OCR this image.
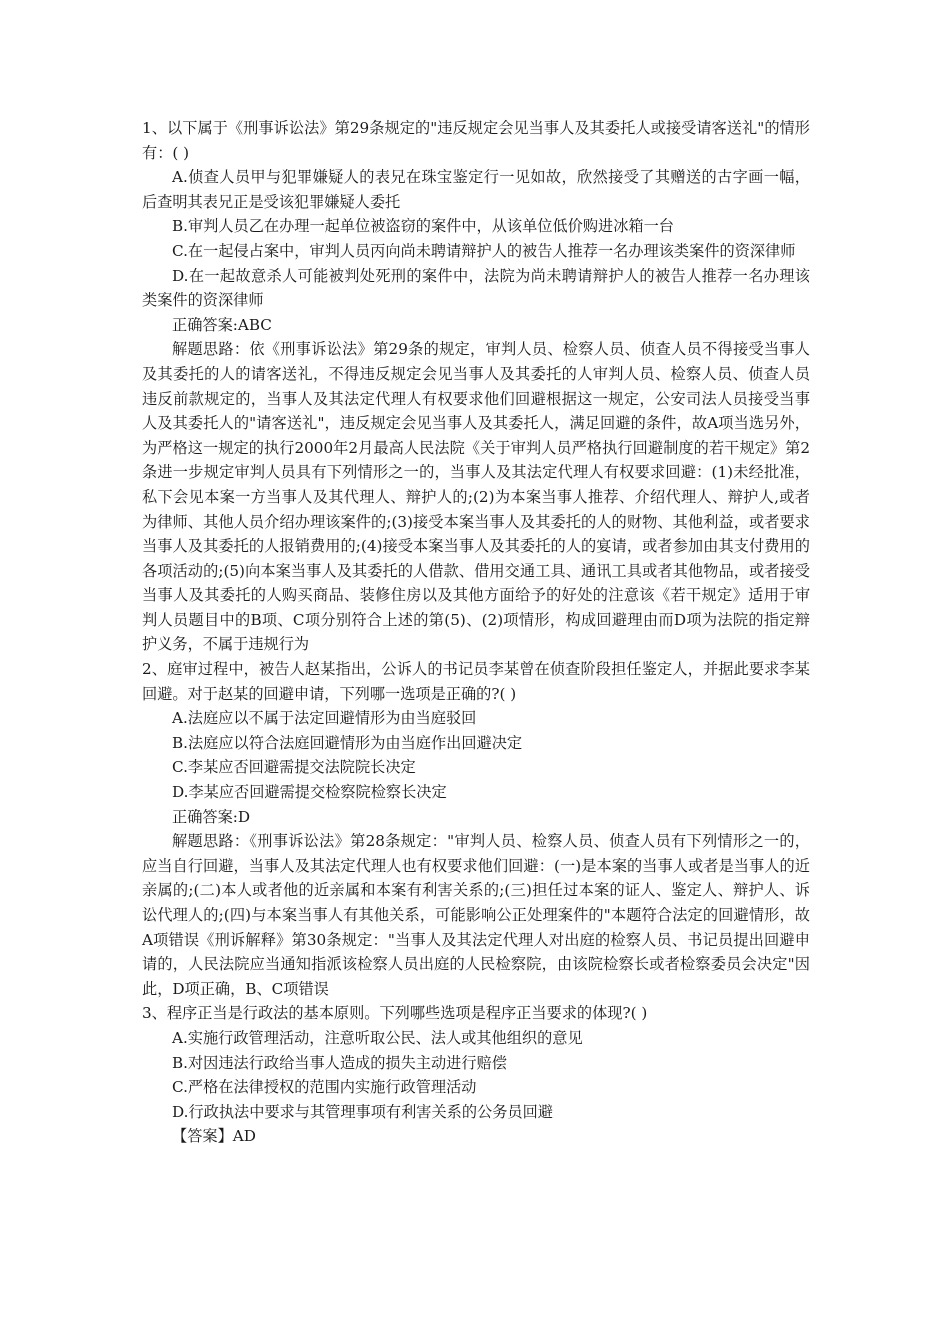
1、以下属于《刑事诉讼法》第29条规定的"违反规定会见当事人及其委托人或接受请客送礼"的情形有：( )

A.侦查人员甲与犯罪嫌疑人的表兄在珠宝鉴定行一见如故，欣然接受了其赠送的古字画一幅，后查明其表兄正是受该犯罪嫌疑人委托

B.审判人员乙在办理一起单位被盗窃的案件中，从该单位低价购进冰箱一台

C.在一起侵占案中，审判人员丙向尚未聘请辩护人的被告人推荐一名办理该类案件的资深律师

D.在一起故意杀人可能被判处死刑的案件中，法院为尚未聘请辩护人的被告人推荐一名办理该类案件的资深律师

正确答案:ABC

解题思路：依《刑事诉讼法》第29条的规定，审判人员、检察人员、侦查人员不得接受当事人及其委托的人的请客送礼，不得违反规定会见当事人及其委托的人审判人员、检察人员、侦查人员违反前款规定的，当事人及其法定代理人有权要求他们回避根据这一规定，公安司法人员接受当事人及其委托人的"请客送礼"，违反规定会见当事人及其委托人，满足回避的条件，故A项当选另外，为严格这一规定的执行2000年2月最高人民法院《关于审判人员严格执行回避制度的若干规定》第2条进一步规定审判人员具有下列情形之一的，当事人及其法定代理人有权要求回避：(1)未经批准，私下会见本案一方当事人及其代理人、辩护人的;(2)为本案当事人推荐、介绍代理人、辩护人,或者为律师、其他人员介绍办理该案件的;(3)接受本案当事人及其委托的人的财物、其他利益，或者要求当事人及其委托的人报销费用的;(4)接受本案当事人及其委托的人的宴请，或者参加由其支付费用的各项活动的;(5)向本案当事人及其委托的人借款、借用交通工具、通讯工具或者其他物品，或者接受当事人及其委托的人购买商品、装修住房以及其他方面给予的好处的注意该《若干规定》适用于审判人员题目中的B项、C项分别符合上述的第(5)、(2)项情形，构成回避理由而D项为法院的指定辩护义务，不属于违规行为

2、庭审过程中，被告人赵某指出，公诉人的书记员李某曾在侦查阶段担任鉴定人，并据此要求李某回避。对于赵某的回避申请，下列哪一选项是正确的?( )

A.法庭应以不属于法定回避情形为由当庭驳回

B.法庭应以符合法庭回避情形为由当庭作出回避决定

C.李某应否回避需提交法院院长决定

D.李某应否回避需提交检察院检察长决定

正确答案:D

解题思路：《刑事诉讼法》第28条规定："审判人员、检察人员、侦查人员有下列情形之一的，应当自行回避，当事人及其法定代理人也有权要求他们回避：(一)是本案的当事人或者是当事人的近亲属的;(二)本人或者他的近亲属和本案有利害关系的;(三)担任过本案的证人、鉴定人、辩护人、诉讼代理人的;(四)与本案当事人有其他关系，可能影响公正处理案件的"本题符合法定的回避情形，故A项错误《刑诉解释》第30条规定："当事人及其法定代理人对出庭的检察人员、书记员提出回避申请的，人民法院应当通知指派该检察人员出庭的人民检察院，由该院检察长或者检察委员会决定"因此，D项正确，B、C项错误

3、程序正当是行政法的基本原则。下列哪些选项是程序正当要求的体现?( )

A.实施行政管理活动，注意听取公民、法人或其他组织的意见

B.对因违法行政给当事人造成的损失主动进行赔偿

C.严格在法律授权的范围内实施行政管理活动

D.行政执法中要求与其管理事项有利害关系的公务员回避

【答案】AD
